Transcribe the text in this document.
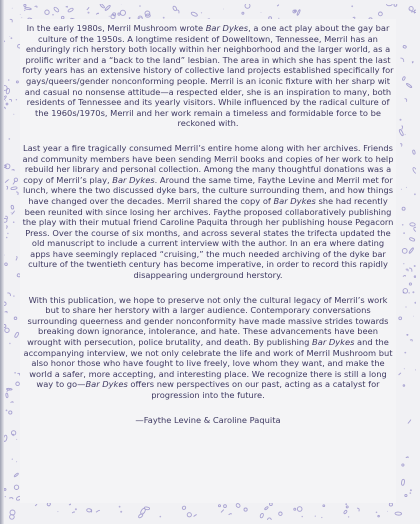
In the early 1980s, Merril Mushroom wrote Bar Dykes, a one act play about the gay bar culture of the 1950s. A longtime resident of Dowelltown, Tennessee, Merril has an enduringly rich herstory both locally within her neighborhood and the larger world, as a prolific writer and a “back to the land” lesbian. The area in which she has spent the last forty years has an extensive history of collective land projects established specifically for gays/queers/gender nonconforming people. Merril is an iconic fixture with her sharp wit and casual no nonsense attitude—a respected elder, she is an inspiration to many, both residents of Tennessee and its yearly visitors. While influenced by the radical culture of the 1960s/1970s, Merril and her work remain a timeless and formidable force to be reckoned with.

Last year a fire tragically consumed Merril’s entire home along with her archives. Friends and community members have been sending Merril books and copies of her work to help rebuild her library and personal collection. Among the many thoughtful donations was a copy of Merril’s play, Bar Dykes. Around the same time, Faythe Levine and Merril met for lunch, where the two discussed dyke bars, the culture surrounding them, and how things have changed over the decades. Merril shared the copy of Bar Dykes she had recently been reunited with since losing her archives. Faythe proposed collaboratively publishing the play with their mutual friend Caroline Paquita through her publishing house Pegacorn Press. Over the course of six months, and across several states the trifecta updated the old manuscript to include a current interview with the author. In an era where dating apps have seemingly replaced “cruising,” the much needed archiving of the dyke bar culture of the twentieth century has become imperative, in order to record this rapidly disappearing underground herstory.

With this publication, we hope to preserve not only the cultural legacy of Merril’s work but to share her herstory with a larger audience. Contemporary conversations surrounding queerness and gender nonconformity have made massive strides towards breaking down ignorance, intolerance, and hate. These advancements have been wrought with persecution, police brutality, and death. By publishing Bar Dykes and the accompanying interview, we not only celebrate the life and work of Merril Mushroom but also honor those who have fought to live freely, love whom they want, and make the world a safer, more accepting, and interesting place. We recognize there is still a long way to go—Bar Dykes offers new perspectives on our past, acting as a catalyst for progression into the future.

—Faythe Levine & Caroline Paquita
